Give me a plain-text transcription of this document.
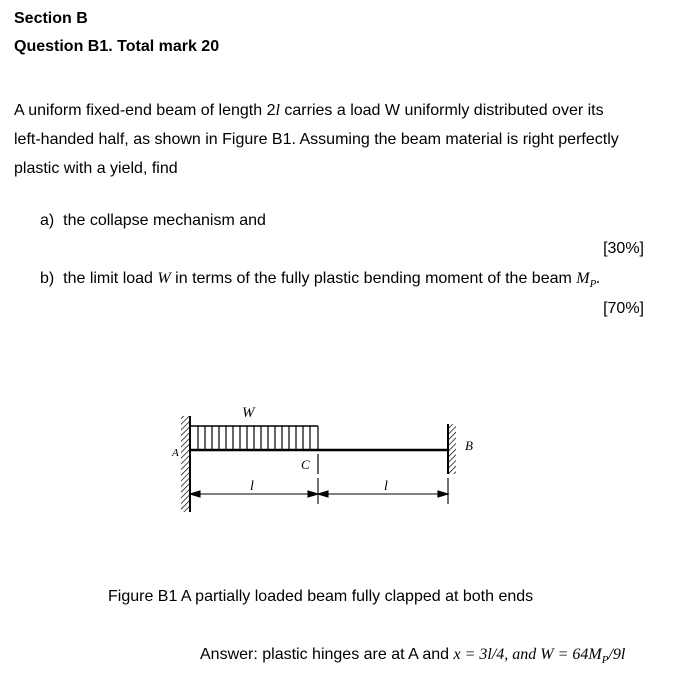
Section B
Question B1. Total mark 20
A uniform fixed-end beam of length 2l carries a load W uniformly distributed over its
left-handed half, as shown in Figure B1. Assuming the beam material is right perfectly
plastic with a yield, find
a) the collapse mechanism and
[30%]
b) the limit load W in terms of the fully plastic bending moment of the beam $M_P$.
[70%]
W
A	B
C
l	l
Figure B1 A partially loaded beam fully clapped at both ends
Answer: plastic hinges are at A and x = 3l/4, and $W = 64M_P/9l$
